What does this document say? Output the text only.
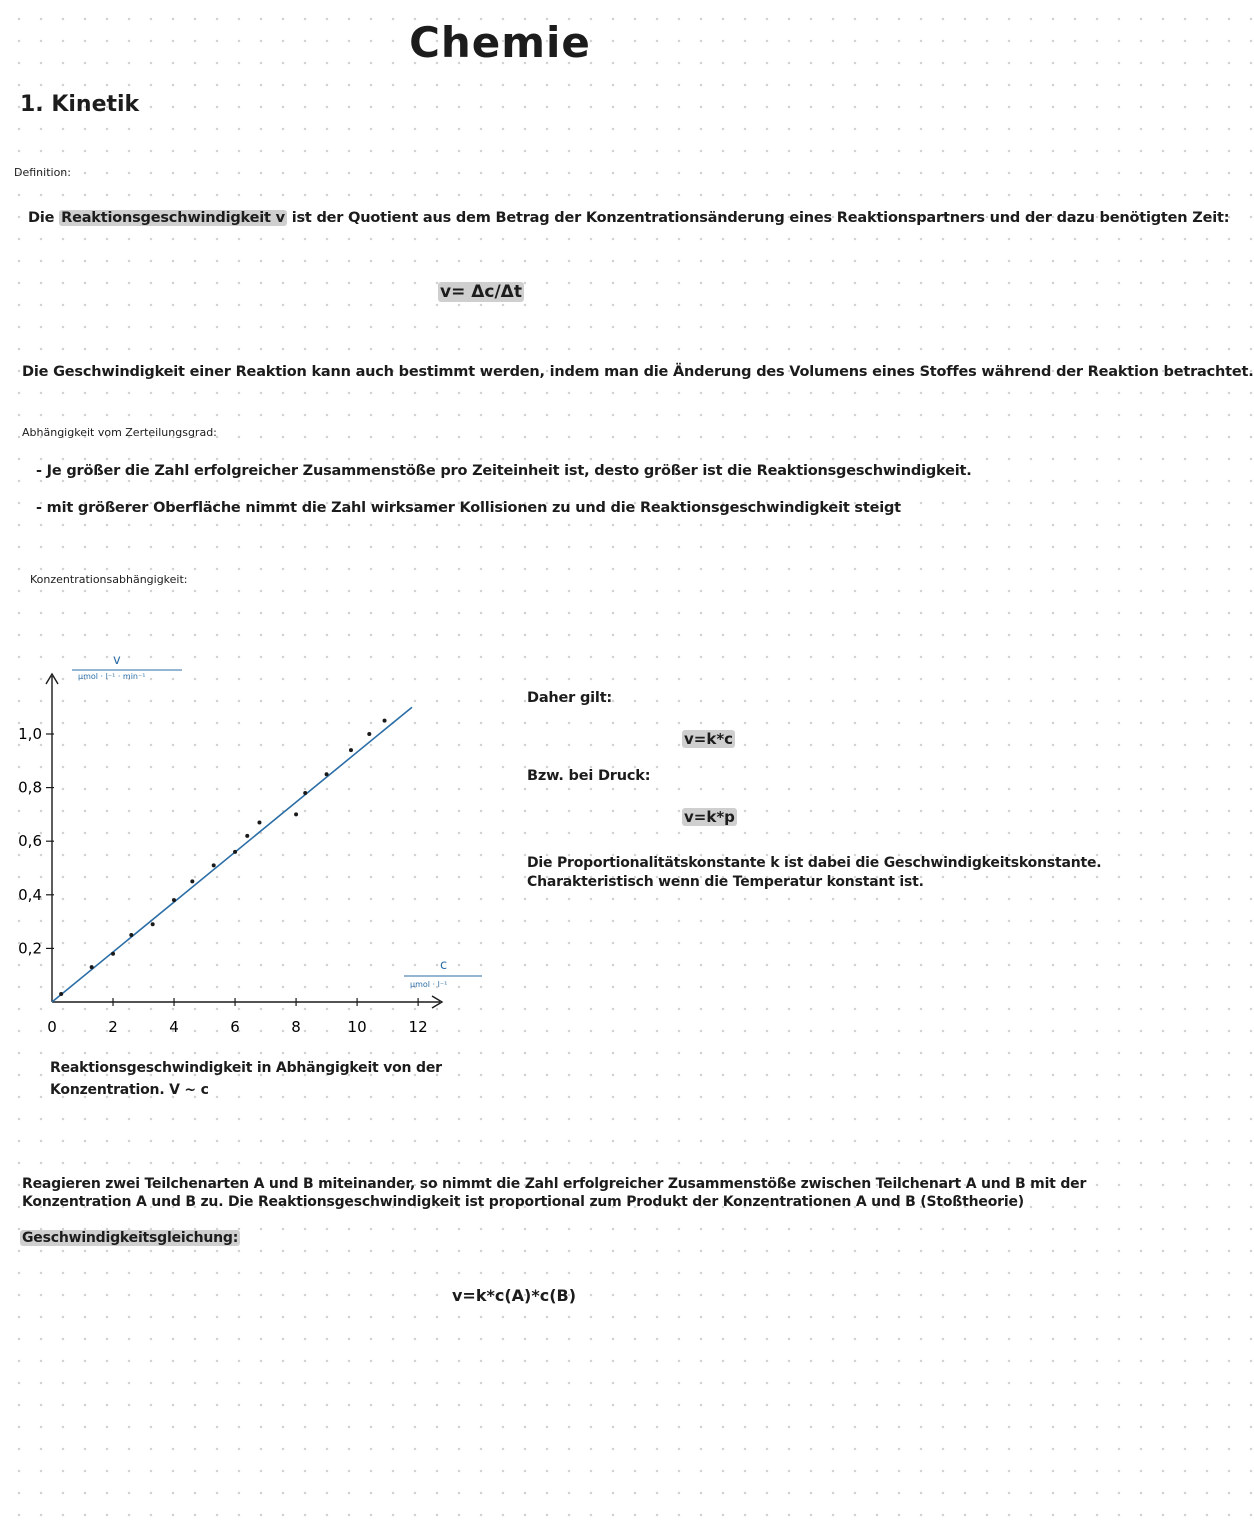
Chemie
1. Kinetik
Definition:
Die Reaktionsgeschwindigkeit v ist der Quotient aus dem Betrag der Konzentrationsänderung eines Reaktionspartners und der dazu benötigten Zeit:
v= Δc/Δt
Die Geschwindigkeit einer Reaktion kann auch bestimmt werden, indem man die Änderung des Volumens eines Stoffes während der Reaktion betrachtet.
Abhängigkeit vom Zerteilungsgrad:
- Je größer die Zahl erfolgreicher Zusammenstöße pro Zeiteinheit ist, desto größer ist die Reaktionsgeschwindigkeit.
- mit größerer Oberfläche nimmt die Zahl wirksamer Kollisionen zu und die Reaktionsgeschwindigkeit steigt
Konzentrationsabhängigkeit:
0	2	4	6	8	10	12
0,2
0,4
0,6
0,8
1,0
v
μmol · l⁻¹ · min⁻¹
c
μmol · l⁻¹
Reaktionsgeschwindigkeit in Abhängigkeit von der
Konzentration. V ~ c
Daher gilt:
v=k*c
Bzw. bei Druck:
v=k*p
Die Proportionalitätskonstante k ist dabei die Geschwindigkeitskonstante.
Charakteristisch wenn die Temperatur konstant ist.
Reagieren zwei Teilchenarten A und B miteinander, so nimmt die Zahl erfolgreicher Zusammenstöße zwischen Teilchenart A und B mit der
Konzentration A und B zu. Die Reaktionsgeschwindigkeit ist proportional zum Produkt der Konzentrationen A und B (Stoßtheorie)
Geschwindigkeitsgleichung:
v=k*c(A)*c(B)
